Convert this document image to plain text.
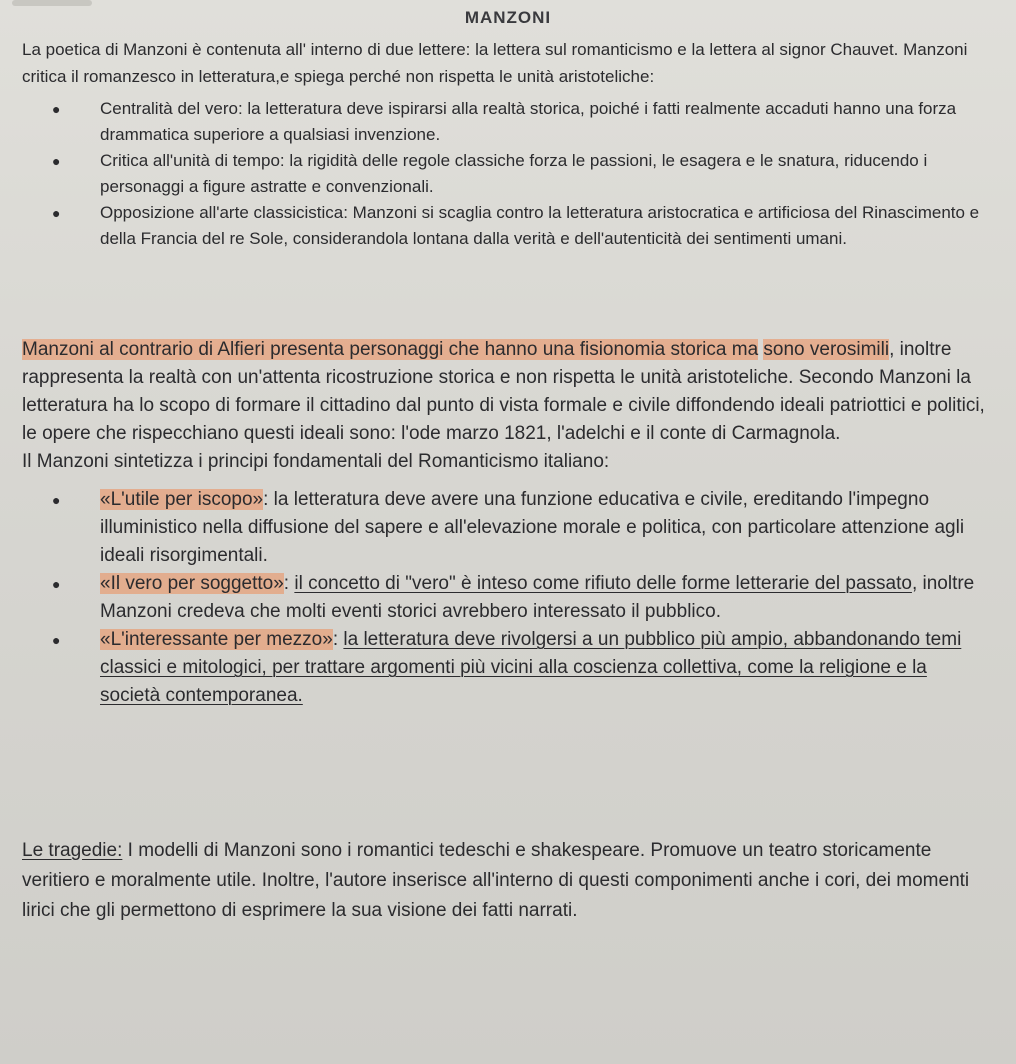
MANZONI

La poetica di Manzoni è contenuta all' interno di due lettere: la lettera sul romanticismo e la lettera al signor Chauvet. Manzoni critica il romanzesco in letteratura,e spiega perché non rispetta le unità aristoteliche:

● Centralità del vero: la letteratura deve ispirarsi alla realtà storica, poiché i fatti realmente accaduti hanno una forza drammatica superiore a qualsiasi invenzione.
● Critica all'unità di tempo: la rigidità delle regole classiche forza le passioni, le esagera e le snatura, riducendo i personaggi a figure astratte e convenzionali.
● Opposizione all'arte classicistica: Manzoni si scaglia contro la letteratura aristocratica e artificiosa del Rinascimento e della Francia del re Sole, considerandola lontana dalla verità e dell'autenticità dei sentimenti umani.

Manzoni al contrario di Alfieri presenta personaggi che hanno una fisionomia storica ma sono verosimili, inoltre rappresenta la realtà con un'attenta ricostruzione storica e non rispetta le unità aristoteliche. Secondo Manzoni la letteratura ha lo scopo di formare il cittadino dal punto di vista formale e civile diffondendo ideali patriottici e politici, le opere che rispecchiano questi ideali sono: l'ode marzo 1821, l'adelchi e il conte di Carmagnola.

Il Manzoni sintetizza i principi fondamentali del Romanticismo italiano:

● «L'utile per iscopo»: la letteratura deve avere una funzione educativa e civile, ereditando l'impegno illuministico nella diffusione del sapere e all'elevazione morale e politica, con particolare attenzione agli ideali risorgimentali.
● «Il vero per soggetto»: il concetto di "vero" è inteso come rifiuto delle forme letterarie del passato, inoltre Manzoni credeva che molti eventi storici avrebbero interessato il pubblico.
● «L'interessante per mezzo»: la letteratura deve rivolgersi a un pubblico più ampio, abbandonando temi classici e mitologici, per trattare argomenti più vicini alla coscienza collettiva, come la religione e la società contemporanea.

Le tragedie: I modelli di Manzoni sono i romantici tedeschi e shakespeare. Promuove un teatro storicamente veritiero e moralmente utile. Inoltre, l'autore inserisce all'interno di questi componimenti anche i cori, dei momenti lirici che gli permettono di esprimere la sua visione dei fatti narrati.
